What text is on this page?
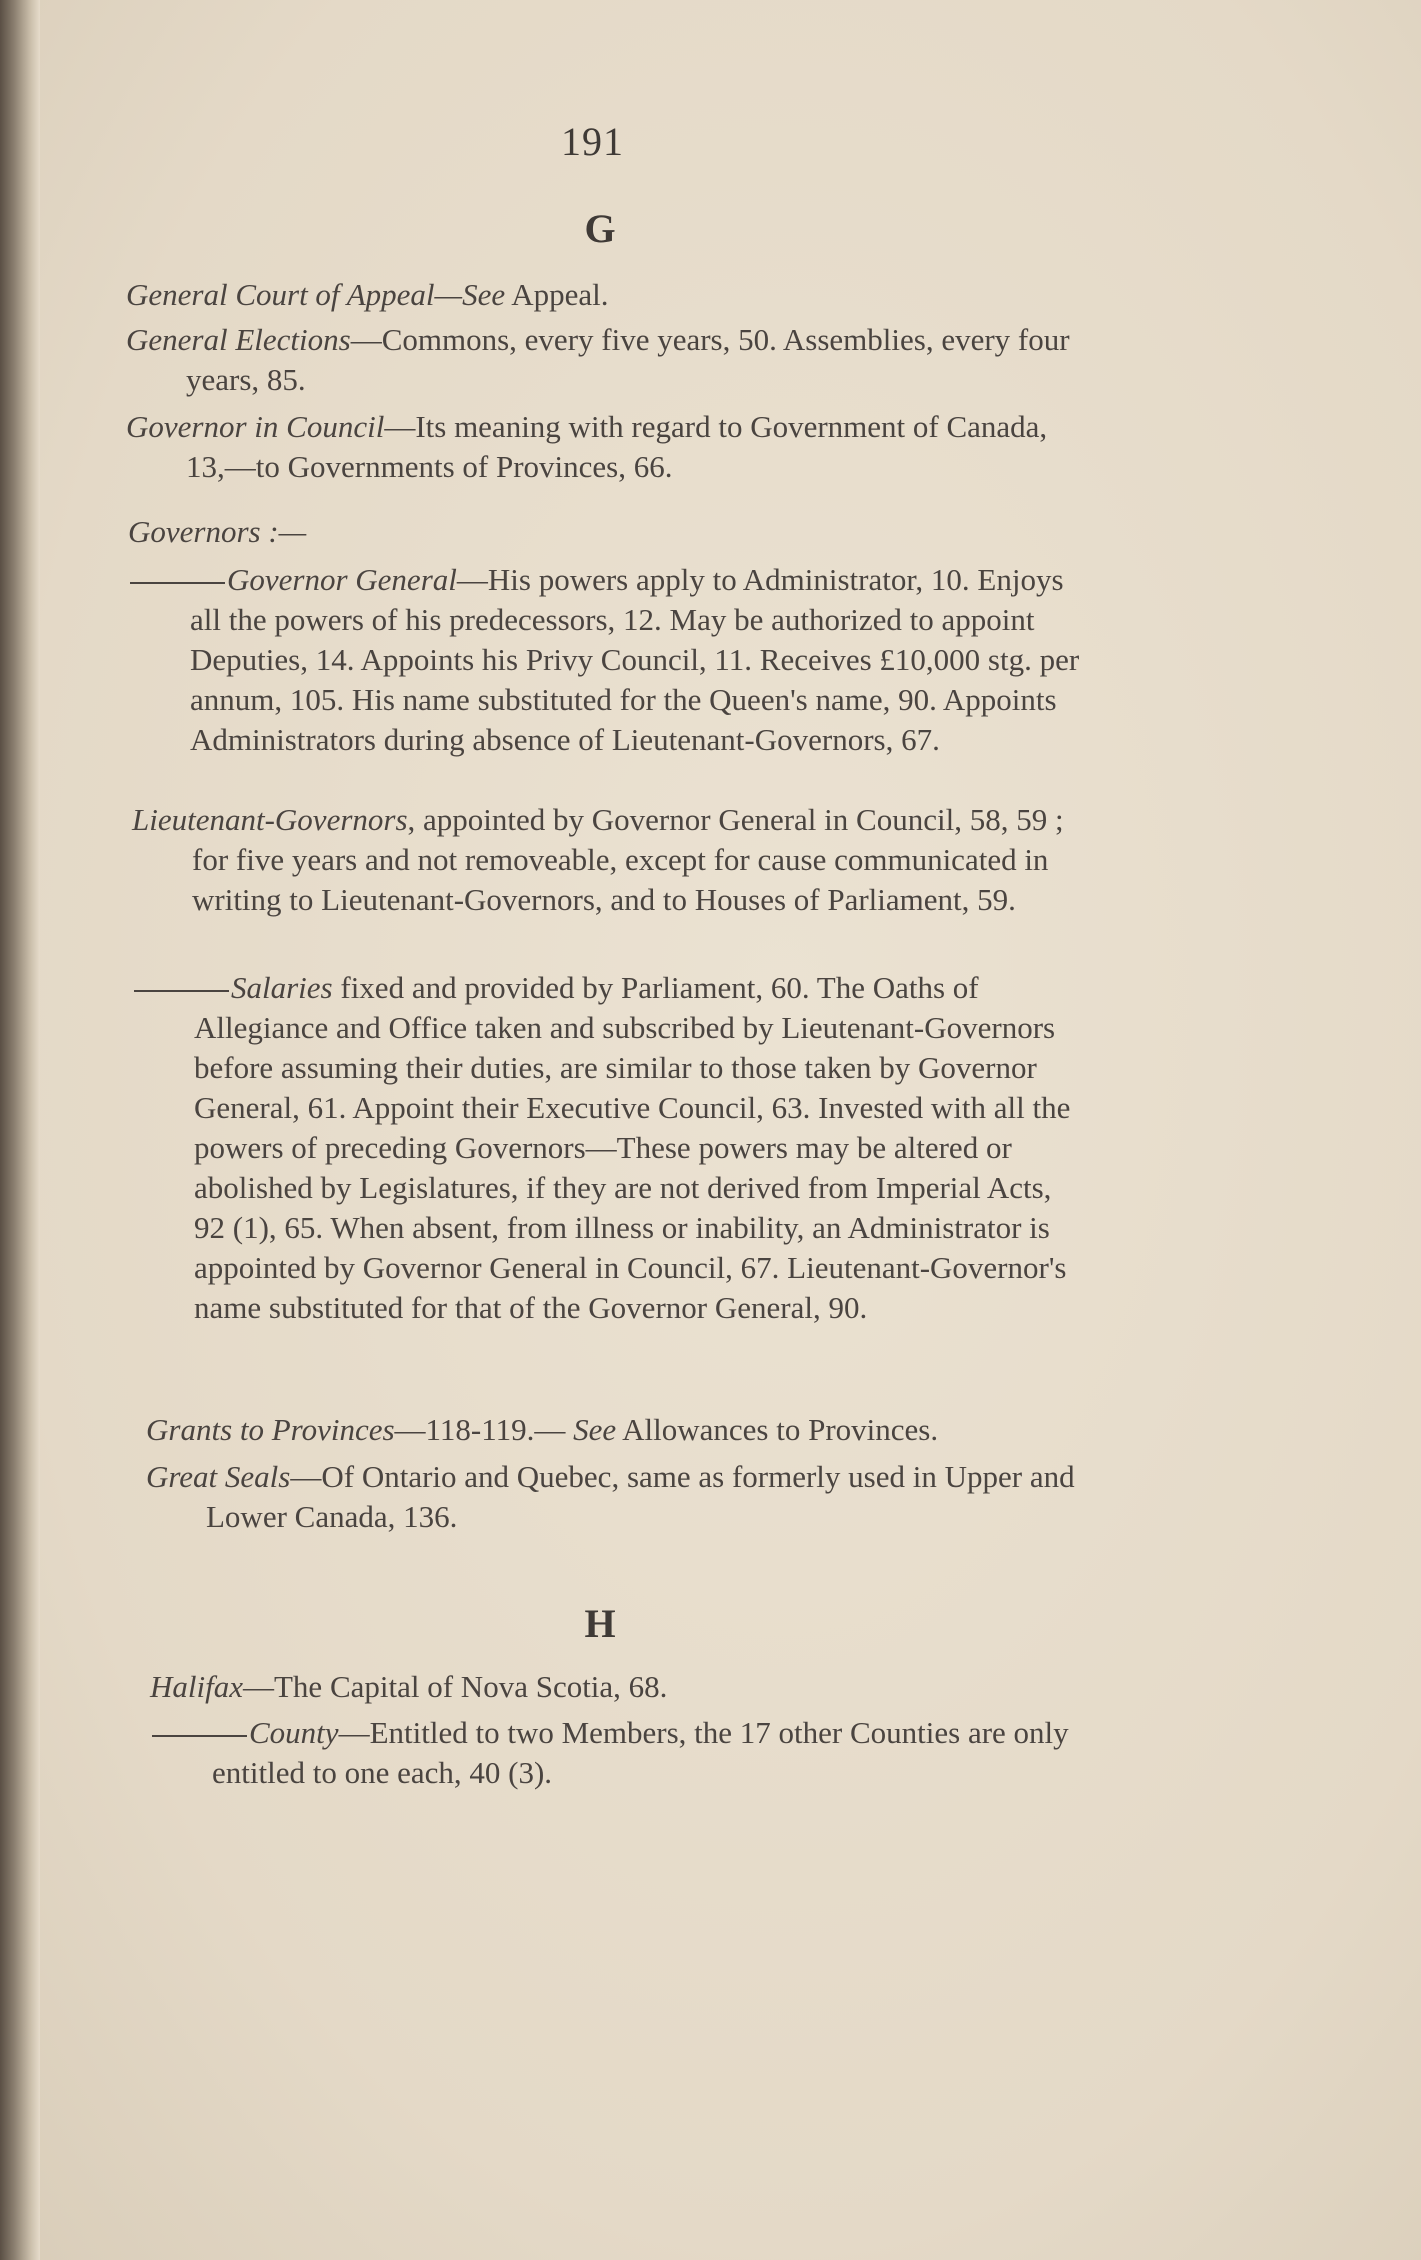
191
G
General Court of Appeal—See Appeal.
General Elections—Commons, every five years, 50. Assemblies, every four years, 85.
Governor in Council—Its meaning with regard to Government of Canada, 13,—to Governments of Provinces, 66.
Governors :—
Governor General—His powers apply to Administrator, 10. Enjoys all the powers of his predecessors, 12. May be authorized to appoint Deputies, 14. Appoints his Privy Council, 11. Receives £10,000 stg. per annum, 105. His name substituted for the Queen's name, 90. Appoints Administrators during absence of Lieutenant-Governors, 67.
Lieutenant-Governors, appointed by Governor General in Council, 58, 59 ; for five years and not removeable, except for cause communicated in writing to Lieutenant-Governors, and to Houses of Parliament, 59.
Salaries fixed and provided by Parliament, 60. The Oaths of Allegiance and Office taken and subscribed by Lieutenant-Governors before assuming their duties, are similar to those taken by Governor General, 61. Appoint their Executive Council, 63. Invested with all the powers of preceding Governors—These powers may be altered or abolished by Legislatures, if they are not derived from Imperial Acts, 92 (1), 65. When absent, from illness or inability, an Administrator is appointed by Governor General in Council, 67. Lieutenant-Governor's name substituted for that of the Governor General, 90.
Grants to Provinces—118-119.— See Allowances to Provinces.
Great Seals—Of Ontario and Quebec, same as formerly used in Upper and Lower Canada, 136.
H
Halifax—The Capital of Nova Scotia, 68.
County—Entitled to two Members, the 17 other Counties are only entitled to one each, 40 (3).
